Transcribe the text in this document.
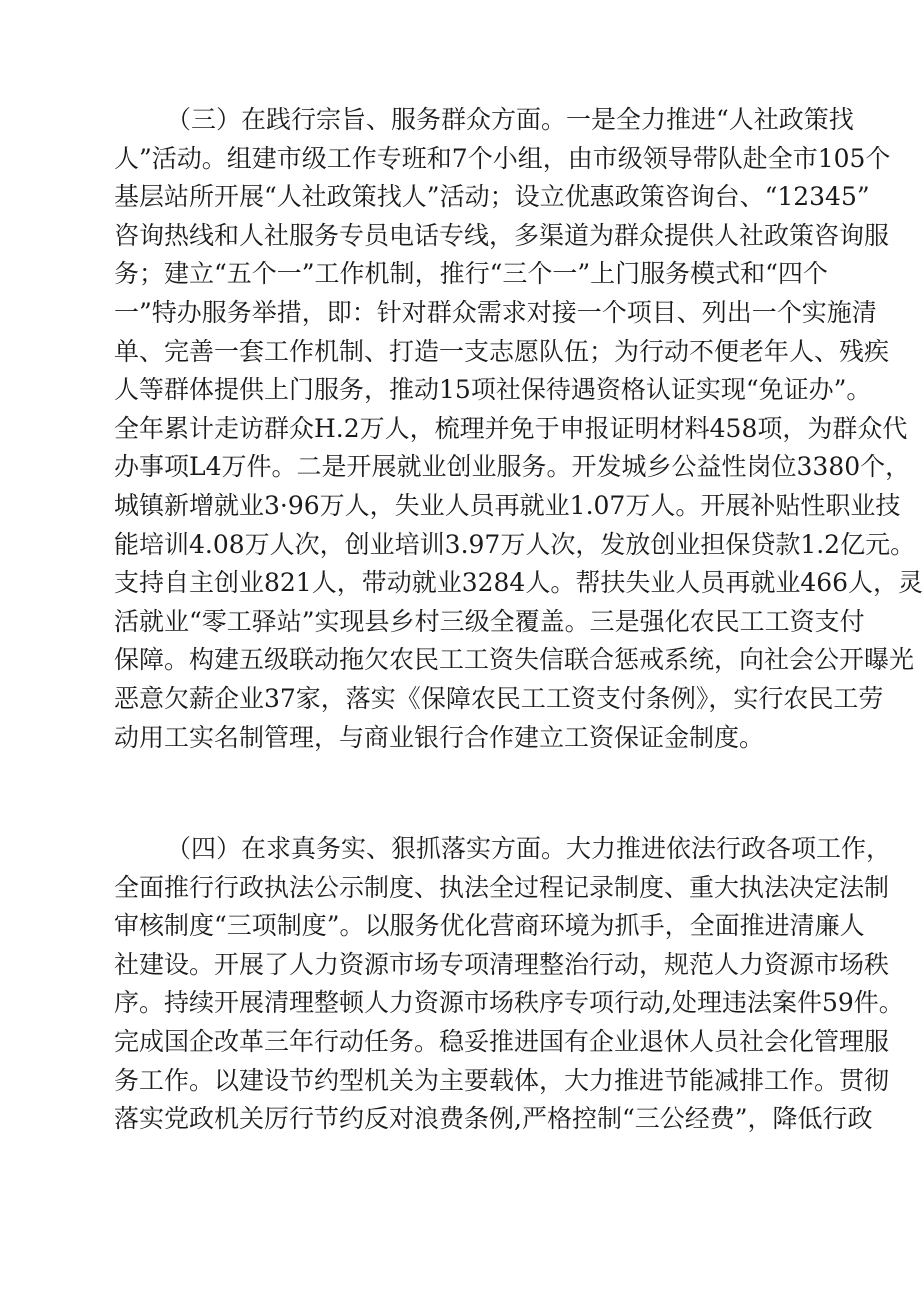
（三）在践行宗旨、服务群众方面。一是全力推进“人社政策找
人”活动。组建市级工作专班和7个小组，由市级领导带队赴全市105个
基层站所开展“人社政策找人”活动；设立优惠政策咨询台、“12345”
咨询热线和人社服务专员电话专线，多渠道为群众提供人社政策咨询服
务；建立“五个一”工作机制，推行“三个一”上门服务模式和“四个
一”特办服务举措，即：针对群众需求对接一个项目、列出一个实施清
单、完善一套工作机制、打造一支志愿队伍；为行动不便老年人、残疾
人等群体提供上门服务，推动15项社保待遇资格认证实现“免证办”。
全年累计走访群众H.2万人，梳理并免于申报证明材料458项，为群众代
办事项L4万件。二是开展就业创业服务。开发城乡公益性岗位3380个，
城镇新增就业3·96万人，失业人员再就业1.07万人。开展补贴性职业技
能培训4.08万人次，创业培训3.97万人次，发放创业担保贷款1.2亿元。
支持自主创业821人，带动就业3284人。帮扶失业人员再就业466人，灵
活就业“零工驿站”实现县乡村三级全覆盖。三是强化农民工工资支付
保障。构建五级联动拖欠农民工工资失信联合惩戒系统，向社会公开曝光
恶意欠薪企业37家，落实《保障农民工工资支付条例》，实行农民工劳
动用工实名制管理，与商业银行合作建立工资保证金制度。
（四）在求真务实、狠抓落实方面。大力推进依法行政各项工作，
全面推行行政执法公示制度、执法全过程记录制度、重大执法决定法制
审核制度“三项制度”。以服务优化营商环境为抓手，全面推进清廉人
社建设。开展了人力资源市场专项清理整治行动，规范人力资源市场秩
序。持续开展清理整顿人力资源市场秩序专项行动,处理违法案件59件。
完成国企改革三年行动任务。稳妥推进国有企业退休人员社会化管理服
务工作。以建设节约型机关为主要载体，大力推进节能减排工作。贯彻
落实党政机关厉行节约反对浪费条例,严格控制“三公经费”，降低行政
